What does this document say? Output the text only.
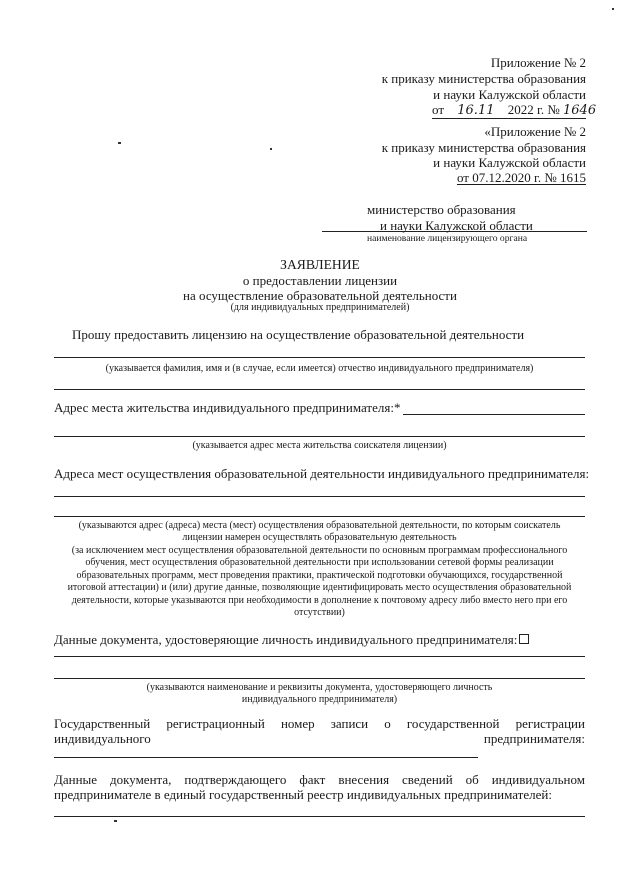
Приложение № 2
к приказу министерства образования
и науки Калужской области
от 16.11 2022 г. № 1646
«Приложение № 2
к приказу министерства образования
и науки Калужской области
от 07.12.2020 г. № 1615
министерство образования
и науки Калужской области
наименование лицензирующего органа
ЗАЯВЛЕНИЕ
о предоставлении лицензии
на осуществление образовательной деятельности
(для индивидуальных предпринимателей)
Прошу предоставить лицензию на осуществление образовательной деятельности
(указывается фамилия, имя и (в случае, если имеется) отчество индивидуального предпринимателя)
Адрес места жительства индивидуального предпринимателя:*
(указывается адрес места жительства соискателя лицензии)
Адреса мест осуществления образовательной деятельности индивидуального предпринимателя:
(указываются адрес (адреса) места (мест) осуществления образовательной деятельности, по которым соискатель
лицензии намерен осуществлять образовательную деятельность
(за исключением мест осуществления образовательной деятельности по основным программам профессионального
обучения, мест осуществления образовательной деятельности при использовании сетевой формы реализации
образовательных программ, мест проведения практики, практической подготовки обучающихся, государственной
итоговой аттестации) и (или) другие данные, позволяющие идентифицировать место осуществления образовательной
деятельности, которые указываются при необходимости в дополнение к почтовому адресу либо вместо него при его
отсутствии)
Данные документа, удостоверяющие личность индивидуального предпринимателя:
(указываются наименование и реквизиты документа, удостоверяющего личность
индивидуального предпринимателя)
Государственный регистрационный номер записи о государственной регистрации
индивидуального	предпринимателя:
Данные документа, подтверждающего факт внесения сведений об индивидуальном
предпринимателе в единый государственный реестр индивидуальных предпринимателей:
